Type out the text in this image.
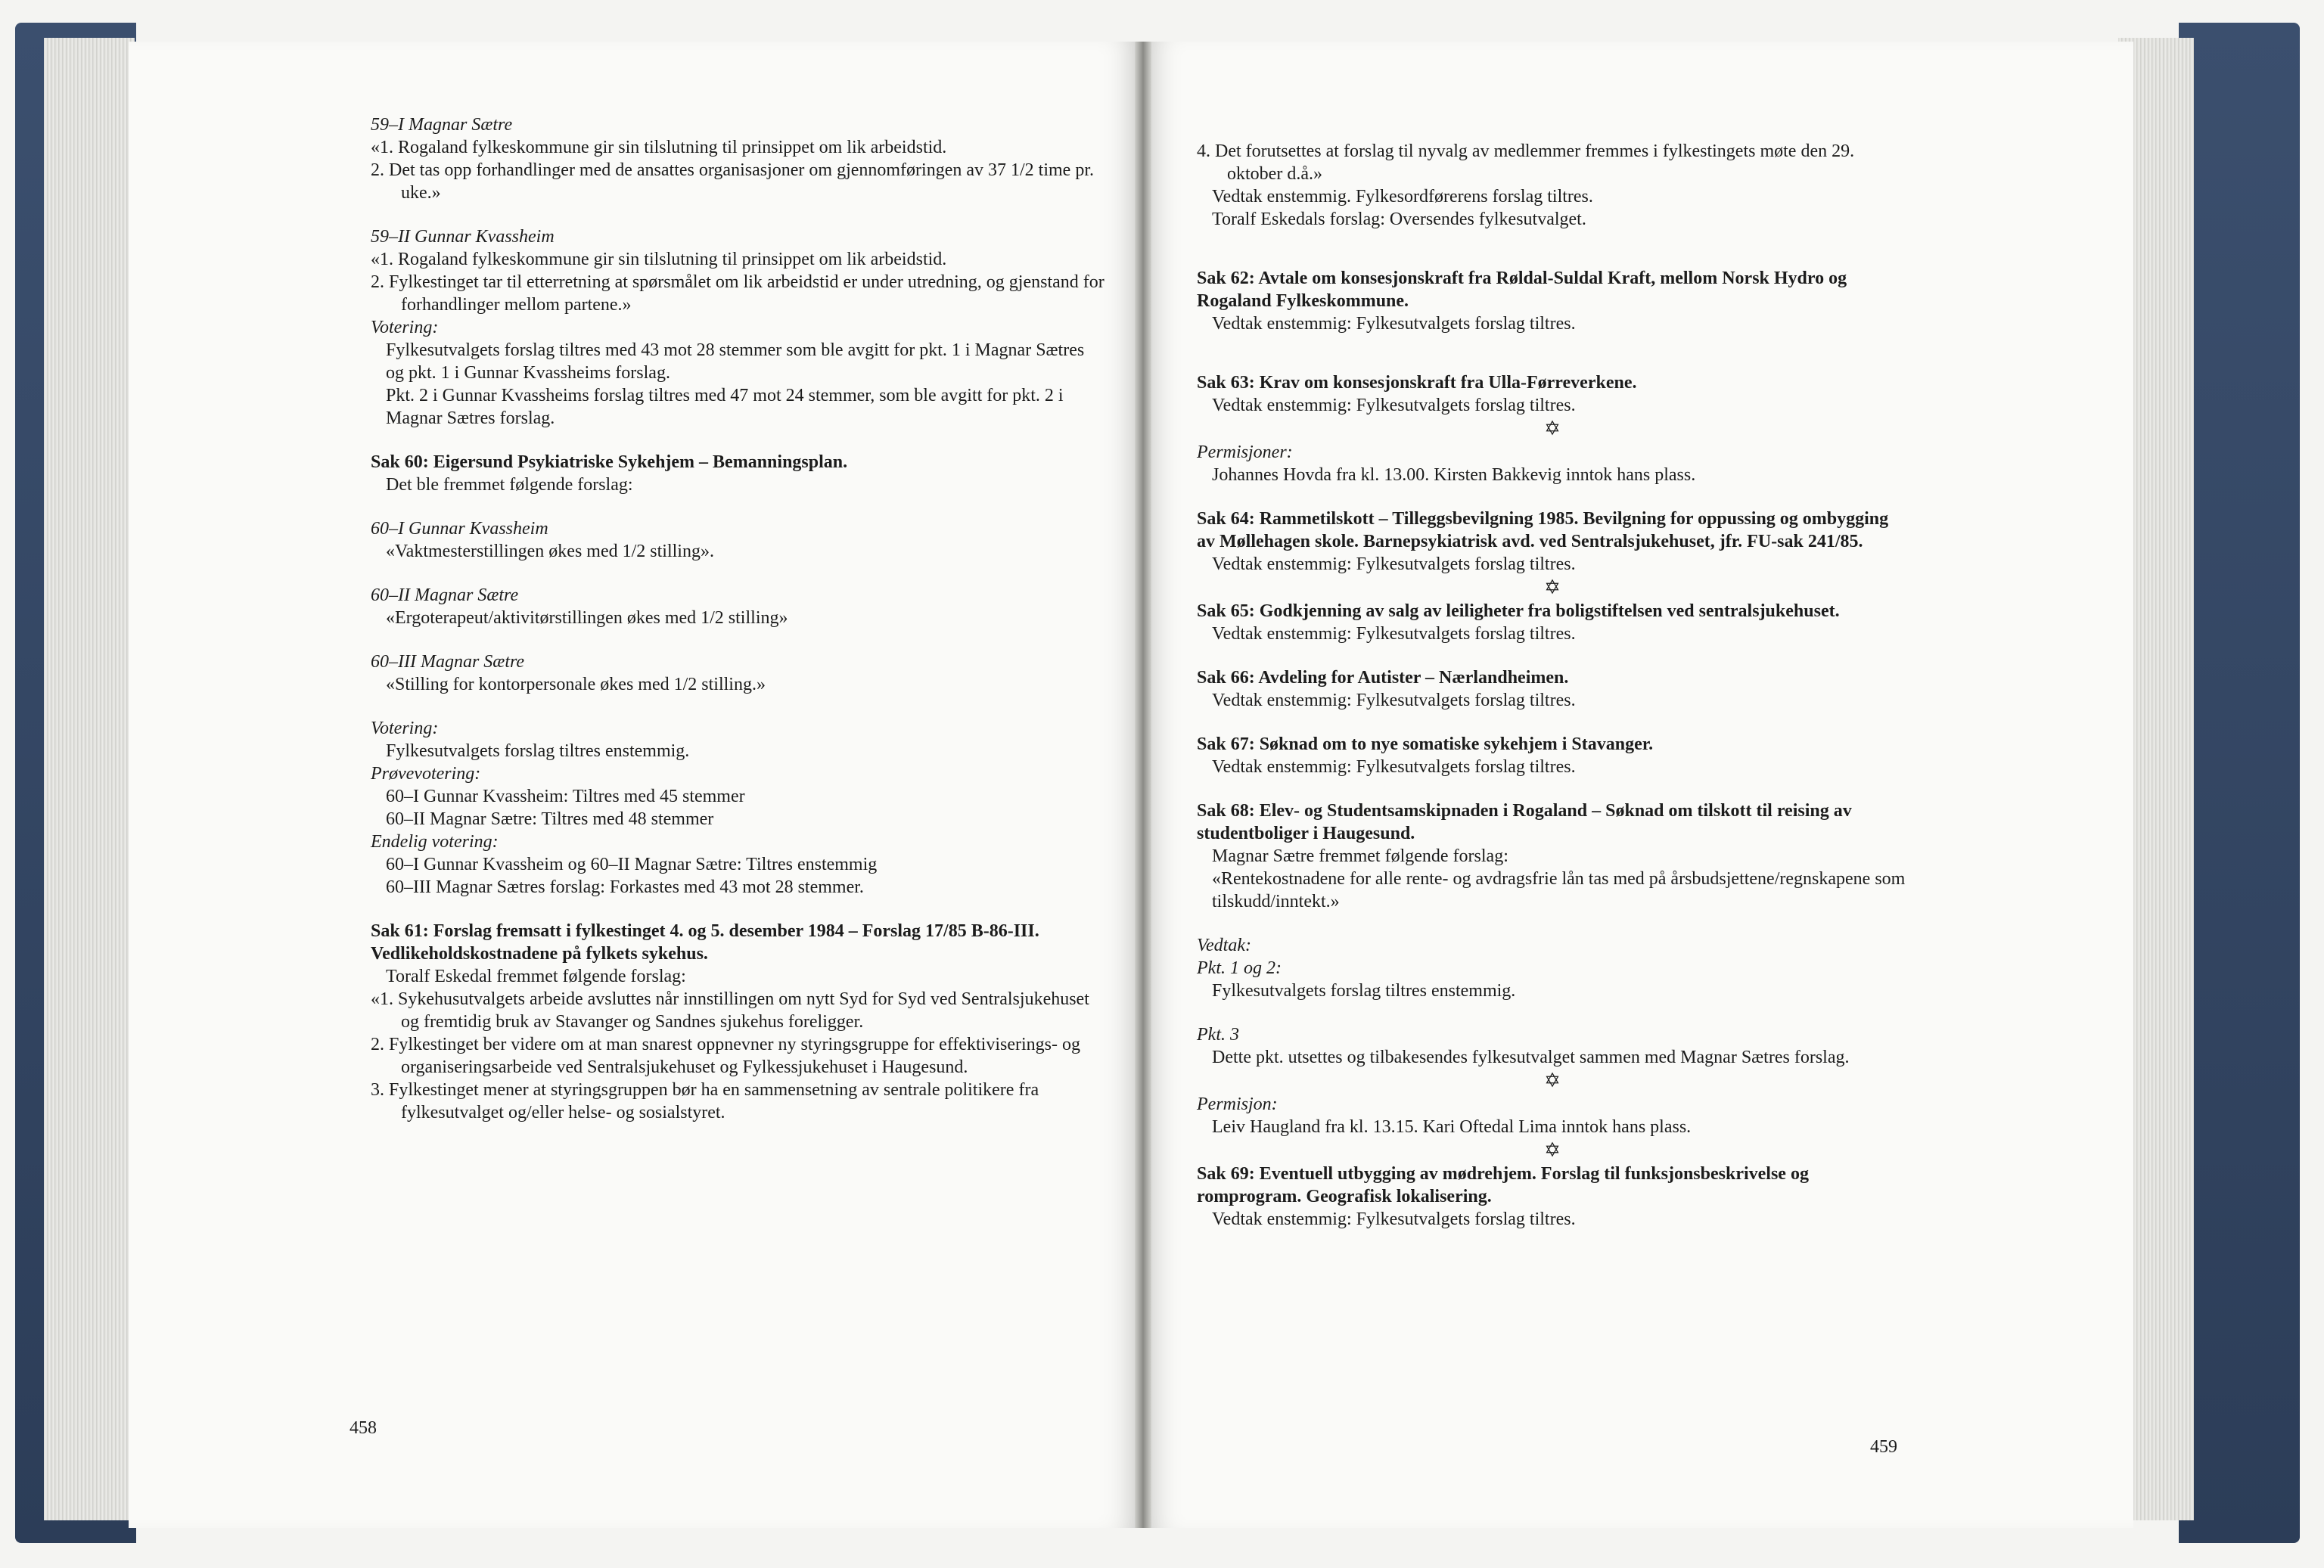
59–I Magnar Sætre

«1. Rogaland fylkeskommune gir sin tilslutning til prinsippet om lik arbeidstid.

2. Det tas opp forhandlinger med de ansattes organisasjoner om gjennomføringen av 37 1/2 time pr. uke.»

59–II Gunnar Kvassheim

«1. Rogaland fylkeskommune gir sin tilslutning til prinsippet om lik arbeidstid.

2. Fylkestinget tar til etterretning at spørsmålet om lik arbeidstid er under utredning, og gjenstand for forhandlinger mellom partene.»

Votering:

Fylkesutvalgets forslag tiltres med 43 mot 28 stemmer som ble avgitt for pkt. 1 i Magnar Sætres og pkt. 1 i Gunnar Kvassheims forslag.

Pkt. 2 i Gunnar Kvassheims forslag tiltres med 47 mot 24 stemmer, som ble avgitt for pkt. 2 i Magnar Sætres forslag.

Sak 60: Eigersund Psykiatriske Sykehjem – Bemanningsplan.

Det ble fremmet følgende forslag:

60–I Gunnar Kvassheim

«Vaktmesterstillingen økes med 1/2 stilling».

60–II Magnar Sætre

«Ergoterapeut/aktivitørstillingen økes med 1/2 stilling»

60–III Magnar Sætre

«Stilling for kontorpersonale økes med 1/2 stilling.»

Votering:

Fylkesutvalgets forslag tiltres enstemmig.

Prøvevotering:

60–I Gunnar Kvassheim: Tiltres med 45 stemmer

60–II Magnar Sætre: Tiltres med 48 stemmer

Endelig votering:

60–I Gunnar Kvassheim og 60–II Magnar Sætre: Tiltres enstemmig

60–III Magnar Sætres forslag: Forkastes med 43 mot 28 stemmer.

Sak 61: Forslag fremsatt i fylkestinget 4. og 5. desember 1984 – Forslag 17/85 B-86-III. Vedlikeholdskostnadene på fylkets sykehus.

Toralf Eskedal fremmet følgende forslag:

«1. Sykehusutvalgets arbeide avsluttes når innstillingen om nytt Syd for Syd ved Sentralsjukehuset og fremtidig bruk av Stavanger og Sandnes sjukehus foreligger.

2. Fylkestinget ber videre om at man snarest oppnevner ny styringsgruppe for effektiviserings- og organiseringsarbeide ved Sentralsjukehuset og Fylkessjukehuset i Haugesund.

3. Fylkestinget mener at styringsgruppen bør ha en sammensetning av sentrale politikere fra fylkesutvalget og/eller helse- og sosialstyret.

458

4. Det forutsettes at forslag til nyvalg av medlemmer fremmes i fylkestingets møte den 29. oktober d.å.»

Vedtak enstemmig. Fylkesordførerens forslag tiltres.

Toralf Eskedals forslag: Oversendes fylkesutvalget.

Sak 62: Avtale om konsesjonskraft fra Røldal-Suldal Kraft, mellom Norsk Hydro og Rogaland Fylkeskommune.

Vedtak enstemmig: Fylkesutvalgets forslag tiltres.

Sak 63: Krav om konsesjonskraft fra Ulla-Førreverkene.

Vedtak enstemmig: Fylkesutvalgets forslag tiltres.

✡

Permisjoner:

Johannes Hovda fra kl. 13.00. Kirsten Bakkevig inntok hans plass.

Sak 64: Rammetilskott – Tilleggsbevilgning 1985. Bevilgning for oppussing og ombygging av Møllehagen skole. Barnepsykiatrisk avd. ved Sentralsjukehuset, jfr. FU-sak 241/85.

Vedtak enstemmig: Fylkesutvalgets forslag tiltres.

✡

Sak 65: Godkjenning av salg av leiligheter fra boligstiftelsen ved sentralsjukehuset.

Vedtak enstemmig: Fylkesutvalgets forslag tiltres.

Sak 66: Avdeling for Autister – Nærlandheimen.

Vedtak enstemmig: Fylkesutvalgets forslag tiltres.

Sak 67: Søknad om to nye somatiske sykehjem i Stavanger.

Vedtak enstemmig: Fylkesutvalgets forslag tiltres.

Sak 68: Elev- og Studentsamskipnaden i Rogaland – Søknad om tilskott til reising av studentboliger i Haugesund.

Magnar Sætre fremmet følgende forslag:

«Rentekostnadene for alle rente- og avdragsfrie lån tas med på årsbudsjettene/regnskapene som tilskudd/inntekt.»

Vedtak:

Pkt. 1 og 2:

Fylkesutvalgets forslag tiltres enstemmig.

Pkt. 3

Dette pkt. utsettes og tilbakesendes fylkesutvalget sammen med Magnar Sætres forslag.

✡

Permisjon:

Leiv Haugland fra kl. 13.15. Kari Oftedal Lima inntok hans plass.

✡

Sak 69: Eventuell utbygging av mødrehjem. Forslag til funksjonsbeskrivelse og romprogram. Geografisk lokalisering.

Vedtak enstemmig: Fylkesutvalgets forslag tiltres.

459
